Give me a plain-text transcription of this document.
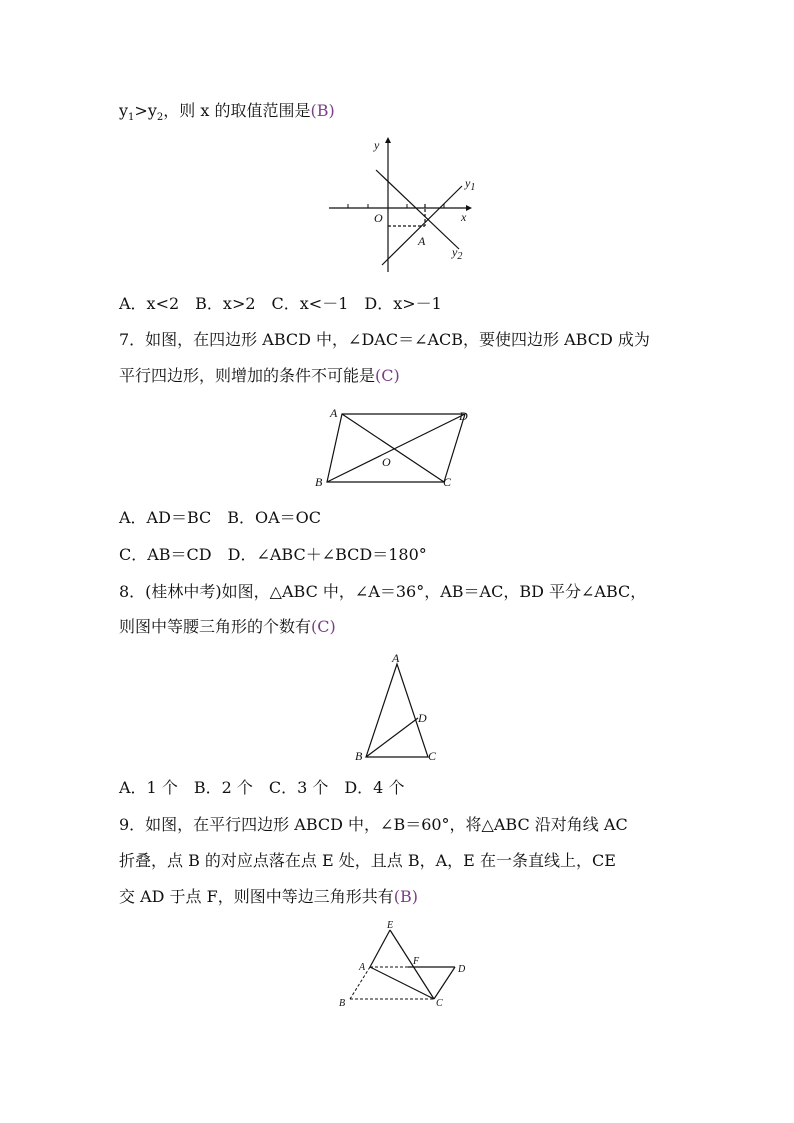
$y_1>y_2$，则 x 的取值范围是(B)
y
x
O
A
$y_1$
$y_2$
A．x<2　B．x>2　C．x<－1　D．x>－1
7．如图，在四边形 ABCD 中，∠DAC＝∠ACB，要使四边形 ABCD 成为
平行四边形，则增加的条件不可能是(C)
A	D
B	C
O
A．AD＝BC　B．OA＝OC
C．AB＝CD　D．∠ABC＋∠BCD＝180°
8．(桂林中考)如图，△ABC 中，∠A＝36°，AB＝AC，BD 平分∠ABC，
则图中等腰三角形的个数有(C)
A
B	C
D
A．1 个　B．2 个　C．3 个　D．4 个
9．如图，在平行四边形 ABCD 中，∠B＝60°，将△ABC 沿对角线 AC
折叠，点 B 的对应点落在点 E 处，且点 B，A，E 在一条直线上，CE
交 AD 于点 F，则图中等边三角形共有(B)
E
A
F
D
B	C
